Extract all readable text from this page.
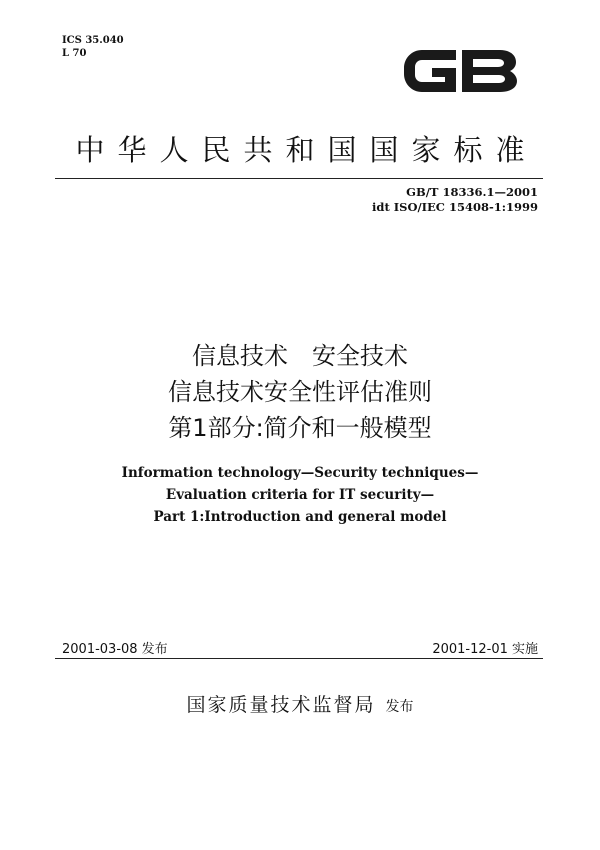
ICS 35.040
L 70
中华人民共和国国家标准
GB/T 18336.1—2001
idt ISO/IEC 15408-1:1999
信息技术　安全技术
信息技术安全性评估准则
第1部分:简介和一般模型
Information technology—Security techniques—
Evaluation criteria for IT security—
Part 1:Introduction and general model
2001-03-08 发布	2001-12-01 实施
国家质量技术监督局 发布
